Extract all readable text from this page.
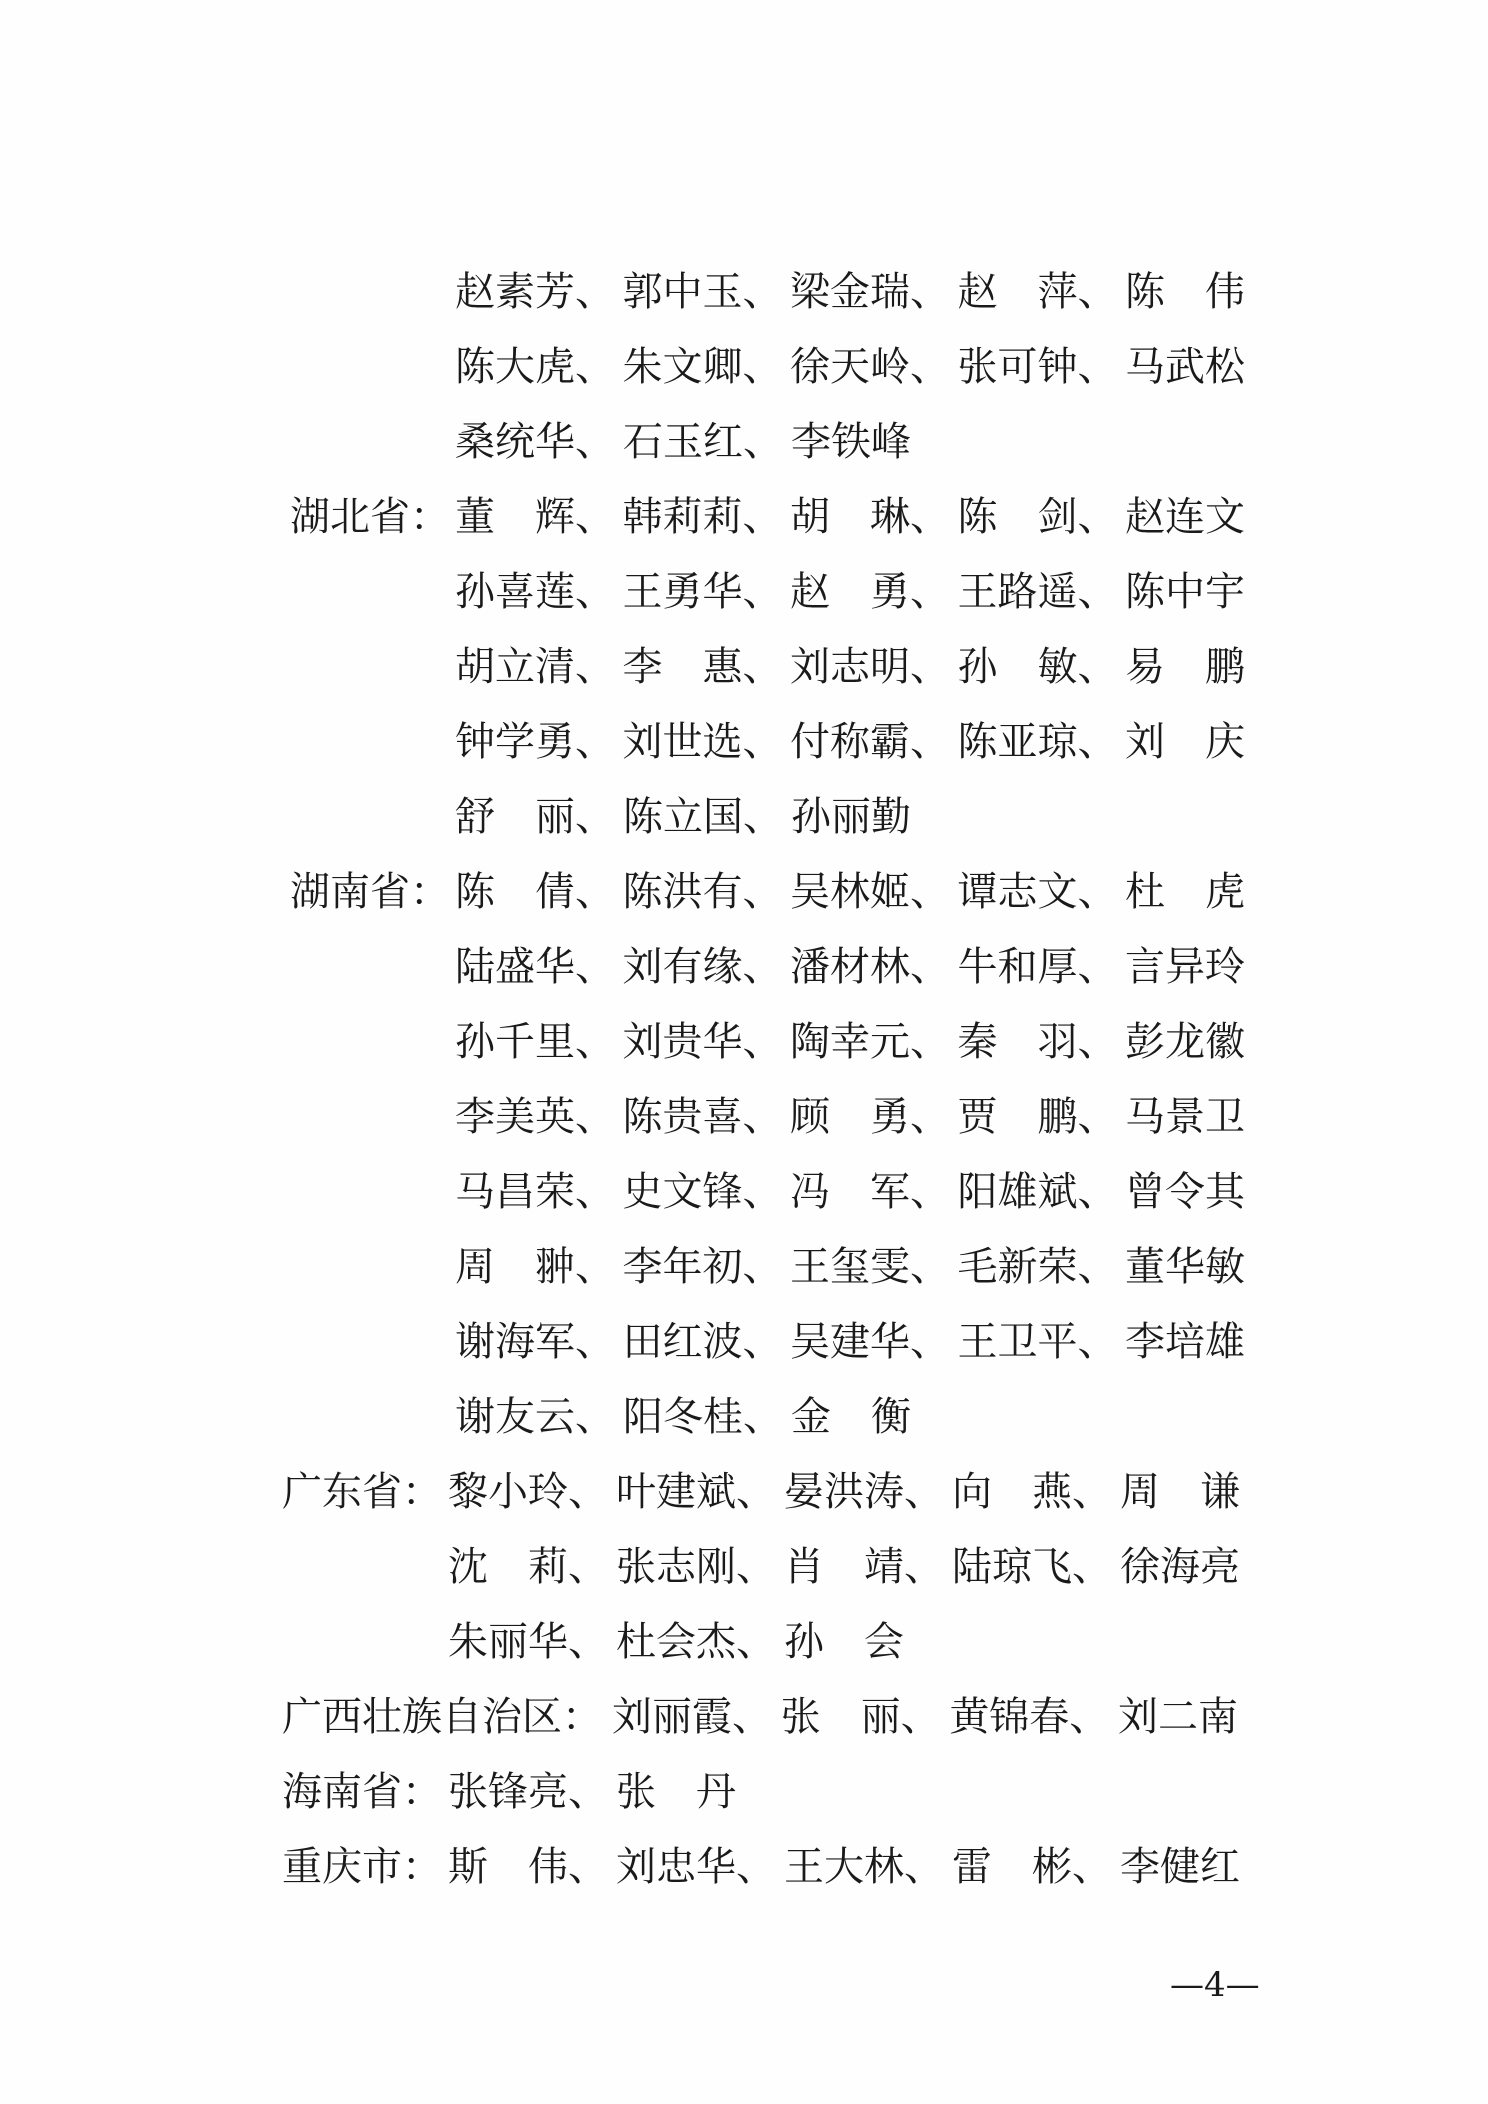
赵素芳、 郭中玉、 梁金瑞、 赵　萍、 陈　伟
陈大虎、 朱文卿、 徐天岭、 张可钟、 马武松
桑统华、 石玉红、 李铁峰
湖北省： 董　辉、 韩莉莉、 胡　琳、 陈　剑、 赵连文
孙喜莲、 王勇华、 赵　勇、 王路遥、 陈中宇
胡立清、 李　惠、 刘志明、 孙　敏、 易　鹏
钟学勇、 刘世选、 付称霸、 陈亚琼、 刘　庆
舒　丽、 陈立国、 孙丽勤
湖南省： 陈　倩、 陈洪有、 吴林姬、 谭志文、 杜　虎
陆盛华、 刘有缘、 潘材林、 牛和厚、 言异玲
孙千里、 刘贵华、 陶幸元、 秦　羽、 彭龙徽
李美英、 陈贵喜、 顾　勇、 贾　鹏、 马景卫
马昌荣、 史文锋、 冯　军、 阳雄斌、 曾令其
周　翀、 李年初、 王玺雯、 毛新荣、 董华敏
谢海军、 田红波、 吴建华、 王卫平、 李培雄
谢友云、 阳冬桂、 金　衡
广东省： 黎小玲、 叶建斌、 晏洪涛、 向　燕、 周　谦
沈　莉、 张志刚、 肖　靖、 陆琼飞、 徐海亮
朱丽华、 杜会杰、 孙　会
广西壮族自治区： 刘丽霞、 张　丽、 黄锦春、 刘二南
海南省： 张锋亮、 张　丹
重庆市： 斯　伟、 刘忠华、 王大林、 雷　彬、 李健红
—4—
